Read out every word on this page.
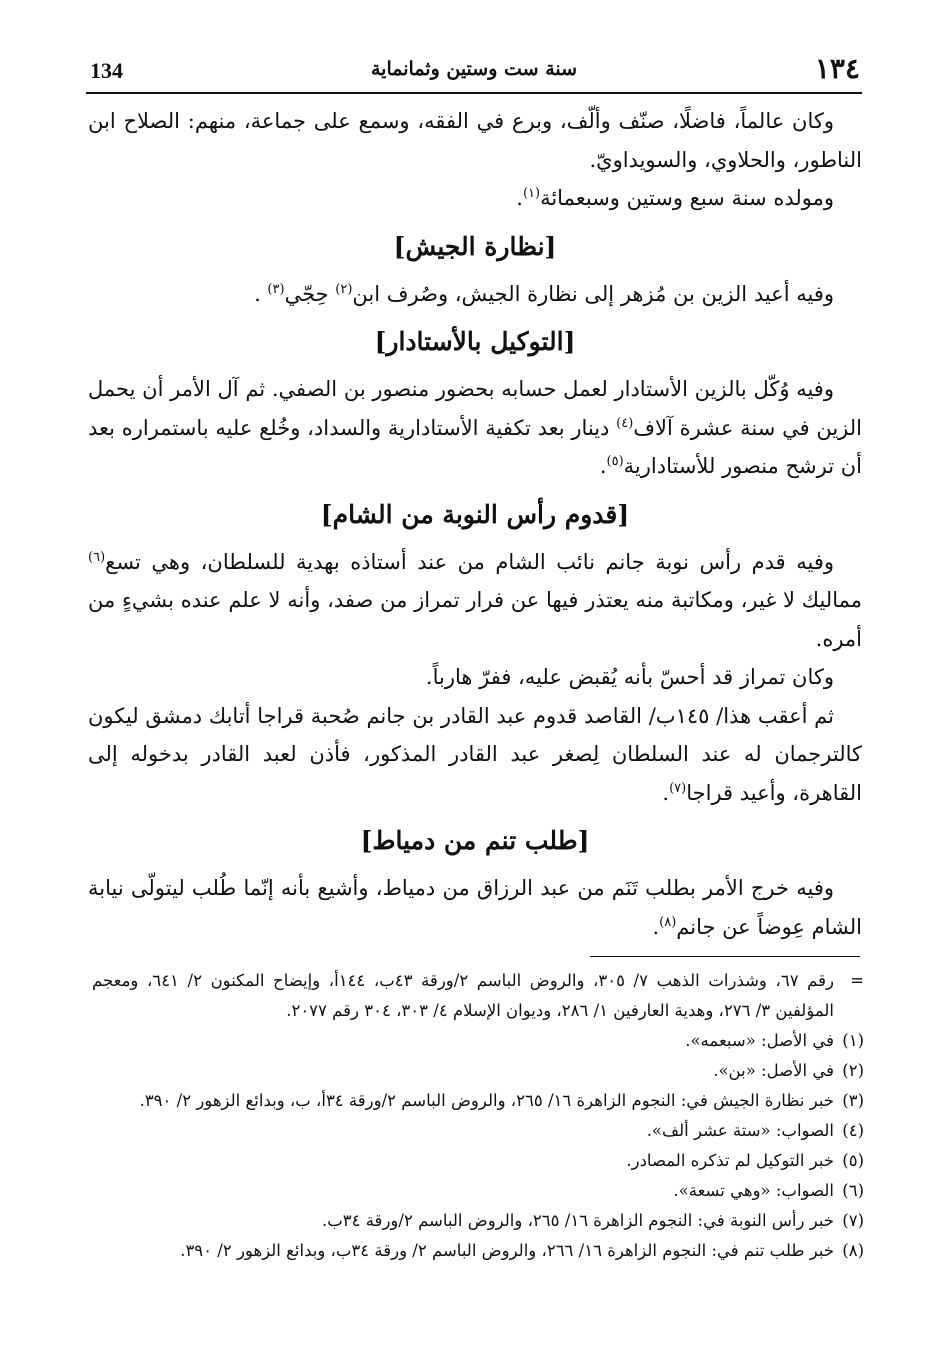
134	سنة ست وستين وثمانماية	١٣٤

وكان عالماً، فاضلًا، صنّف وألّف، وبرع في الفقه، وسمع على جماعة، منهم: الصلاح ابن الناطور، والحلاوي، والسويداويّ.

ومولده سنة سبع وستين وسبعمائة$^{(١)}$.

[نظارة الجيش]

وفيه أعيد الزين بن مُزهر إلى نظارة الجيش، وصُرف ابن$^{(٢)}$ حِجّي$^{(٣)}$ .

[التوكيل بالأستادار]

وفيه وُكّل بالزين الأستادار لعمل حسابه بحضور منصور بن الصفي. ثم آل الأمر أن يحمل الزين في سنة عشرة آلاف$^{(٤)}$ دينار بعد تكفية الأستادارية والسداد، وخُلع عليه باستمراره بعد أن ترشح منصور للأستادارية$^{(٥)}$.

[قدوم رأس النوبة من الشام]

وفيه قدم رأس نوبة جانم نائب الشام من عند أستاذه بهدية للسلطان، وهي تسع$^{(٦)}$ مماليك لا غير، ومكاتبة منه يعتذر فيها عن فرار تمراز من صفد، وأنه لا علم عنده بشيءٍ من أمره.

وكان تمراز قد أحسّ بأنه يُقبض عليه، ففرّ هارباً.

ثم أعقب هذا/ ١٤٥ب/ القاصد قدوم عبد القادر بن جانم صُحبة قراجا أتابك دمشق ليكون كالترجمان له عند السلطان لِصغر عبد القادر المذكور، فأذن لعبد القادر بدخوله إلى القاهرة، وأعيد قراجا$^{(٧)}$.

[طلب تنم من دمياط]

وفيه خرج الأمر بطلب تَنَم من عبد الرزاق من دمياط، وأشيع بأنه إنّما طُلب ليتولّى نيابة الشام عِوضاً عن جانم$^{(٨)}$.

=
رقم ٦٧، وشذرات الذهب ٧/ ٣٠٥، والروض الباسم ٢/ورقة ٤٣ب، ١٤٤أ، وإيضاح المكنون ٢/ ٦٤١، ومعجم المؤلفين ٣/ ٢٧٦، وهدية العارفين ١/ ٢٨٦، وديوان الإسلام ٤/ ٣٠٣، ٣٠٤ رقم ٢٠٧٧.
(١)
في الأصل: «سبعمه».
(٢)
في الأصل: «بن».
(٣)
خبر نظارة الجيش في: النجوم الزاهرة ١٦/ ٢٦٥، والروض الباسم ٢/ورقة ٣٤أ، ب، وبدائع الزهور ٢/ ٣٩٠.
(٤)
الصواب: «ستة عشر ألف».
(٥)
خبر التوكيل لم تذكره المصادر.
(٦)
الصواب: «وهي تسعة».
(٧)
خبر رأس النوبة في: النجوم الزاهرة ١٦/ ٢٦٥، والروض الباسم ٢/ورقة ٣٤ب.
(٨)
خبر طلب تنم في: النجوم الزاهرة ١٦/ ٢٦٦، والروض الباسم ٢/ ورقة ٣٤ب، وبدائع الزهور ٢/ ٣٩٠.
